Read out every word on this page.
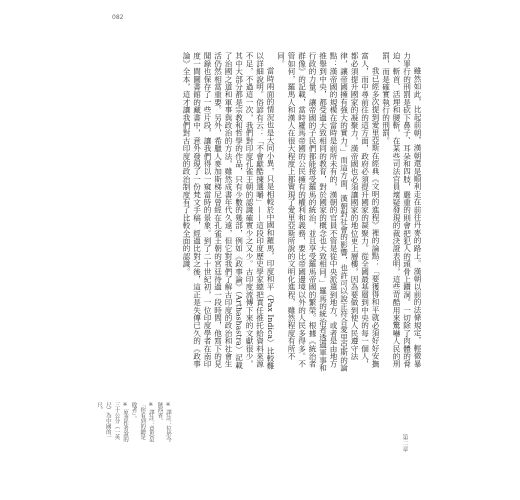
082

雖然如此，比起前朝，漢朝還是順利走在前往丹麥的路上。漢朝以前的法條規定，輕微暴力罪行的刑罰是砍下鼻子、耳朵和四肢，嚴重的則會把犯人的頭骨上鑽洞。一切除了肉體的脅迫、斬首、活埋和腰斬，在某些司法官員壞疑發現的裁決證表明，這些苛酷用來驚嚇人民的刑罰，而是確實執行的刑罰。

我已經多次提到愛里亞斯在經典《文明的進程》裡的論點：「要獲得和平就必須好好安撫富人，而中尋前往的這方面，政府必須提升國家的凝聚力。從全國最基層到中央的每一個人，都必須提升國家的凝聚力，漢帝國也必須讓國家的地位更上層樓，因為要做到使人民遵守法律，讓帝國擁有強大的實力。」而這方面，漢朝對社會的影響，也許可以說正符合愛里亞斯的論點：漢帝國的規模在當時是前所未有的，漢朝的官員不管是從中央派遣到地方，或者是由地方推舉到中央，都受過大致相同的教育，對於國家的概念也大致相同。」羅馬的統治者透過軍事和行政的力量，讓帝國的子民們都能接受羅馬的統治，並且享受羅馬帝國的繁榮。根據《統治者群像》的記載，當時羅馬帝國的公民擁有的權利和義務，要比帝國邊境以外的人民多得多。不管如何，羅馬人和漢人在很大程度上都實現了愛里亞斯所說的文明化進程，雖然程度有所不同。

當時兩面的情況也是大同小異，只是相較於中國和羅馬，印度和平（Pax Indica）比較難以詳細說明。俗諺有云：「不會獻酷揀選嚼」——這段印度歷史學家總把責任推托給資料來源不足，不過這一次，我們對印度孔雀王朝的認識確實少之又少。古印度流傳下來的文獻很少，其中大部分都是宗教和哲學的作品，只有少數的幾部，例如《政事論》（Arthashastra）記載了治國之道和軍事與政治的方法，雖然成書年代久遠，但它對我們了解古印度的政治和社會生活仍然相當重要。另外，希臘人麥加斯梯尼曾經在孔雀王朝的宮廷待過一段時間，他寫下的見聞錄也保存了一些片段，讓我們得以一窺當時的景象。到了二十世紀初，一位印度學者在南印度一間圖書館的藏書中，意外發現了一份梵文手稿，經過比對之後，這正是失傳已久的《政事論》全本，這才讓我們對古印度的政治制度有了比較全面的認識。

※ 譯註：位於今陝西省。

※ 譯註：意思是「你看到的總是敗者」。

※ 原書作者說的三十公分（一英尺）為中國的一尺。

第二章
